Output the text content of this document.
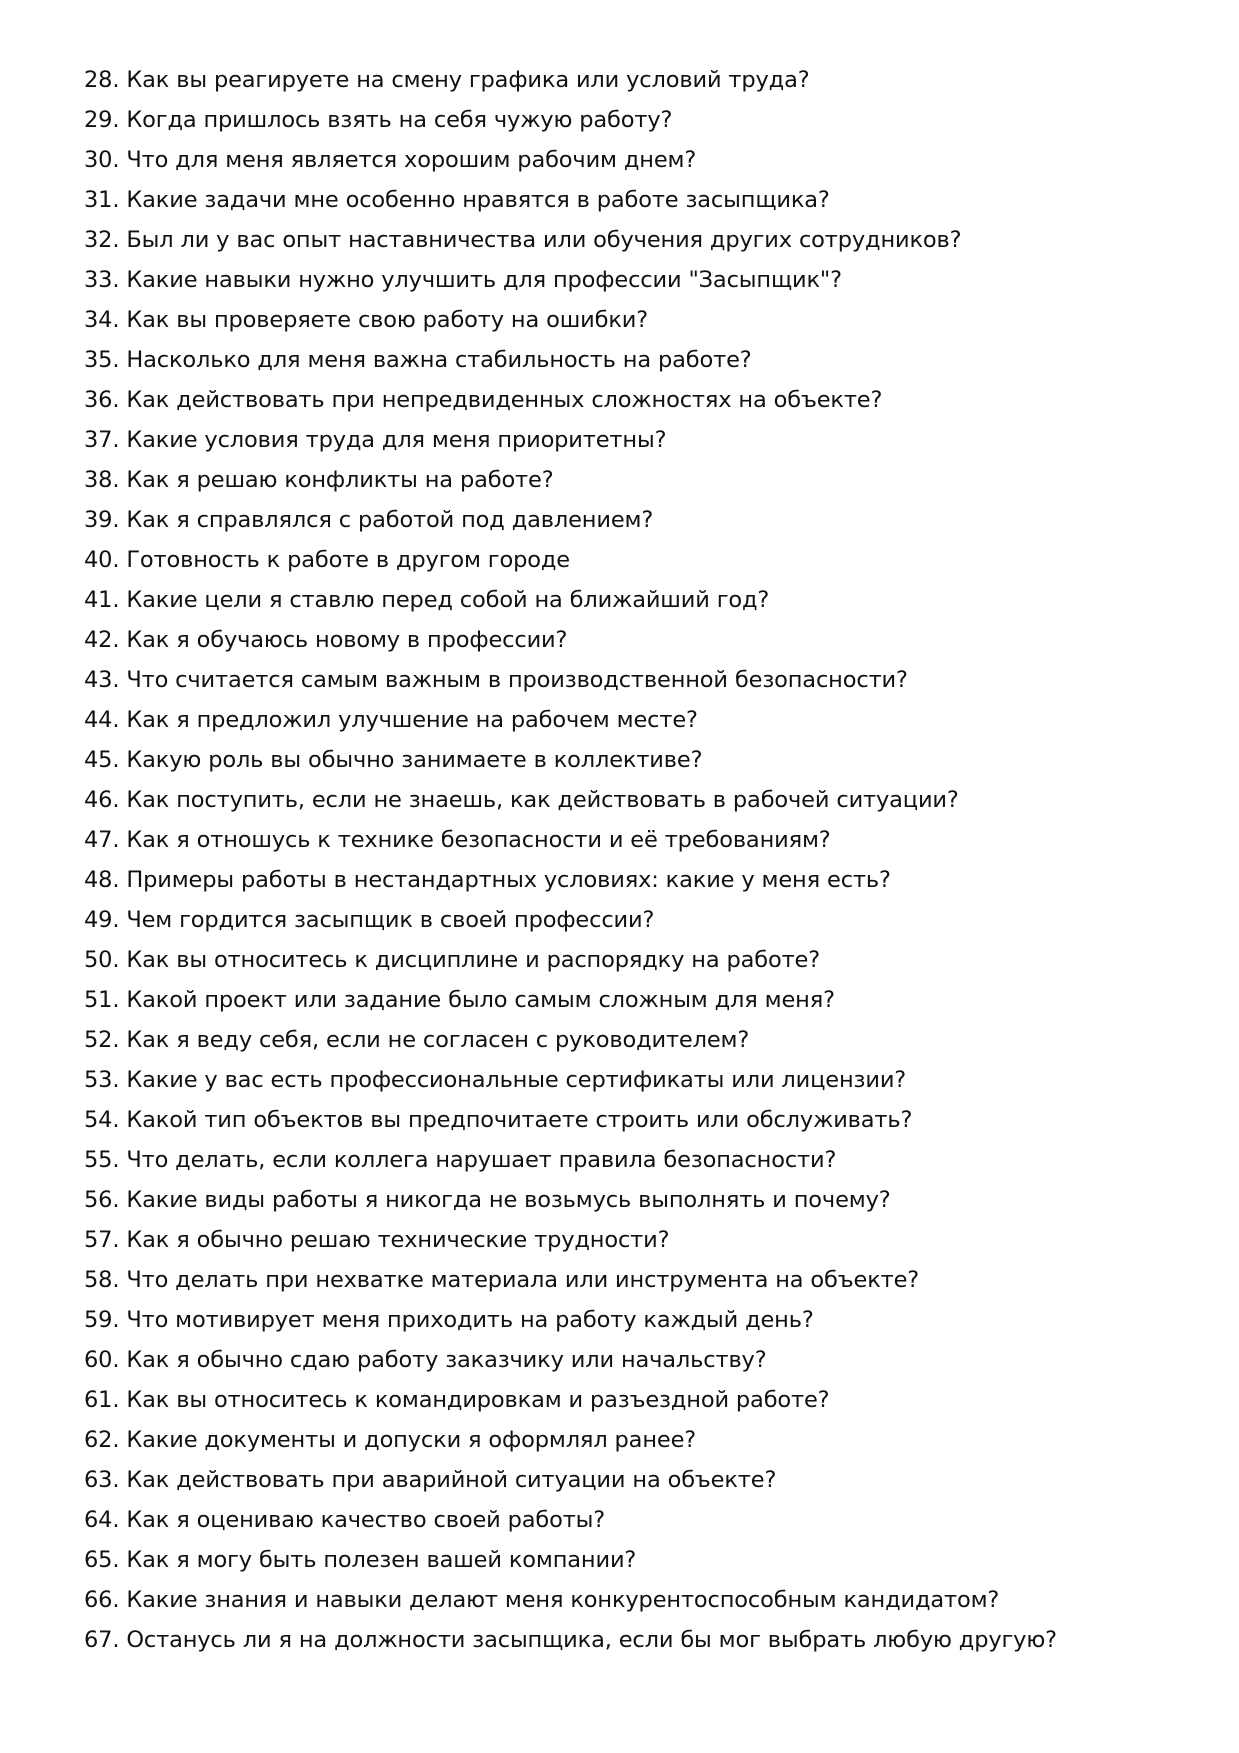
28. Как вы реагируете на смену графика или условий труда?
29. Когда пришлось взять на себя чужую работу?
30. Что для меня является хорошим рабочим днем?
31. Какие задачи мне особенно нравятся в работе засыпщика?
32. Был ли у вас опыт наставничества или обучения других сотрудников?
33. Какие навыки нужно улучшить для профессии "Засыпщик"?
34. Как вы проверяете свою работу на ошибки?
35. Насколько для меня важна стабильность на работе?
36. Как действовать при непредвиденных сложностях на объекте?
37. Какие условия труда для меня приоритетны?
38. Как я решаю конфликты на работе?
39. Как я справлялся с работой под давлением?
40. Готовность к работе в другом городе
41. Какие цели я ставлю перед собой на ближайший год?
42. Как я обучаюсь новому в профессии?
43. Что считается самым важным в производственной безопасности?
44. Как я предложил улучшение на рабочем месте?
45. Какую роль вы обычно занимаете в коллективе?
46. Как поступить, если не знаешь, как действовать в рабочей ситуации?
47. Как я отношусь к технике безопасности и её требованиям?
48. Примеры работы в нестандартных условиях: какие у меня есть?
49. Чем гордится засыпщик в своей профессии?
50. Как вы относитесь к дисциплине и распорядку на работе?
51. Какой проект или задание было самым сложным для меня?
52. Как я веду себя, если не согласен с руководителем?
53. Какие у вас есть профессиональные сертификаты или лицензии?
54. Какой тип объектов вы предпочитаете строить или обслуживать?
55. Что делать, если коллега нарушает правила безопасности?
56. Какие виды работы я никогда не возьмусь выполнять и почему?
57. Как я обычно решаю технические трудности?
58. Что делать при нехватке материала или инструмента на объекте?
59. Что мотивирует меня приходить на работу каждый день?
60. Как я обычно сдаю работу заказчику или начальству?
61. Как вы относитесь к командировкам и разъездной работе?
62. Какие документы и допуски я оформлял ранее?
63. Как действовать при аварийной ситуации на объекте?
64. Как я оцениваю качество своей работы?
65. Как я могу быть полезен вашей компании?
66. Какие знания и навыки делают меня конкурентоспособным кандидатом?
67. Останусь ли я на должности засыпщика, если бы мог выбрать любую другую?
